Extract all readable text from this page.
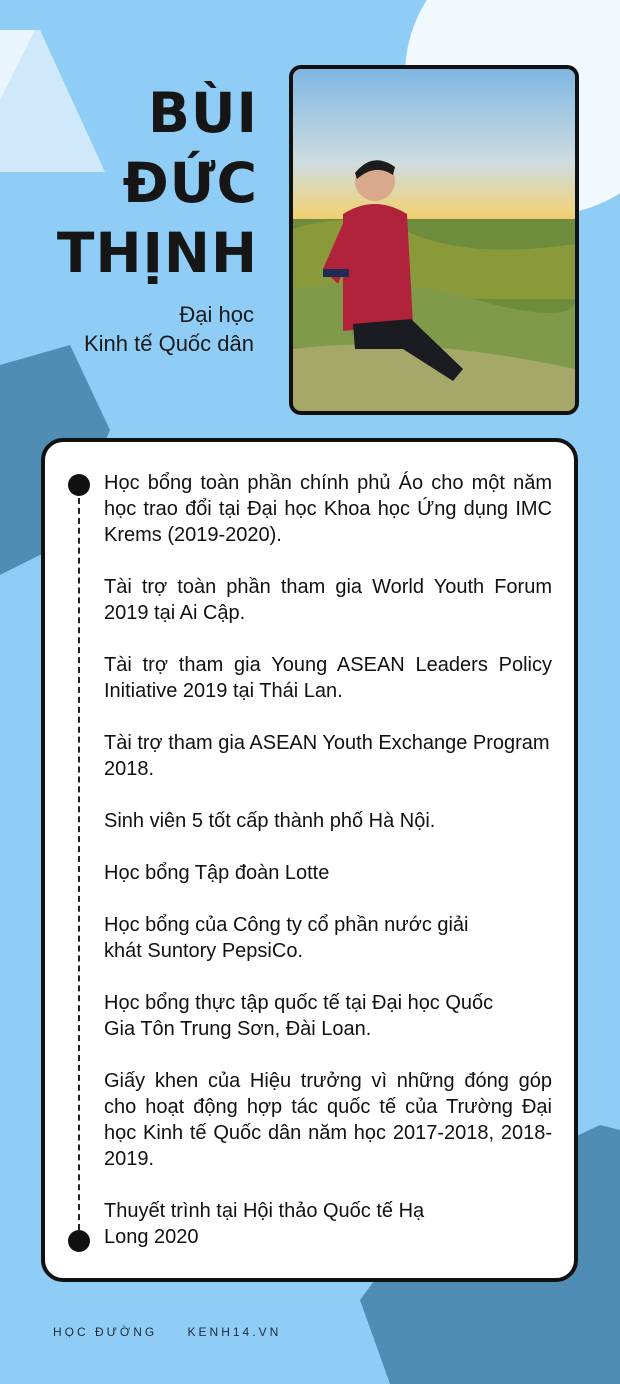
BÙI
ĐỨC
THỊNH
Đại học
Kinh tế Quốc dân
Học bổng toàn phần chính phủ Áo cho một năm học trao đổi tại Đại học Khoa học Ứng dụng IMC Krems (2019-2020).
Tài trợ toàn phần tham gia World Youth Forum 2019 tại Ai Cập.
Tài trợ tham gia Young ASEAN Leaders Policy Initiative 2019 tại Thái Lan.
Tài trợ tham gia ASEAN Youth Exchange Program 2018.
Sinh viên 5 tốt cấp thành phố Hà Nội.
Học bổng Tập đoàn Lotte
Học bổng của Công ty cổ phần nước giải khát Suntory PepsiCo.
Học bổng thực tập quốc tế tại Đại học Quốc Gia Tôn Trung Sơn, Đài Loan.
Giấy khen của Hiệu trưởng vì những đóng góp cho hoạt động hợp tác quốc tế của Trường Đại học Kinh tế Quốc dân năm học 2017-2018, 2018-2019.
Thuyết trình tại Hội thảo Quốc tế Hạ Long 2020
HỌC ĐƯỜNG	KENH14.VN
